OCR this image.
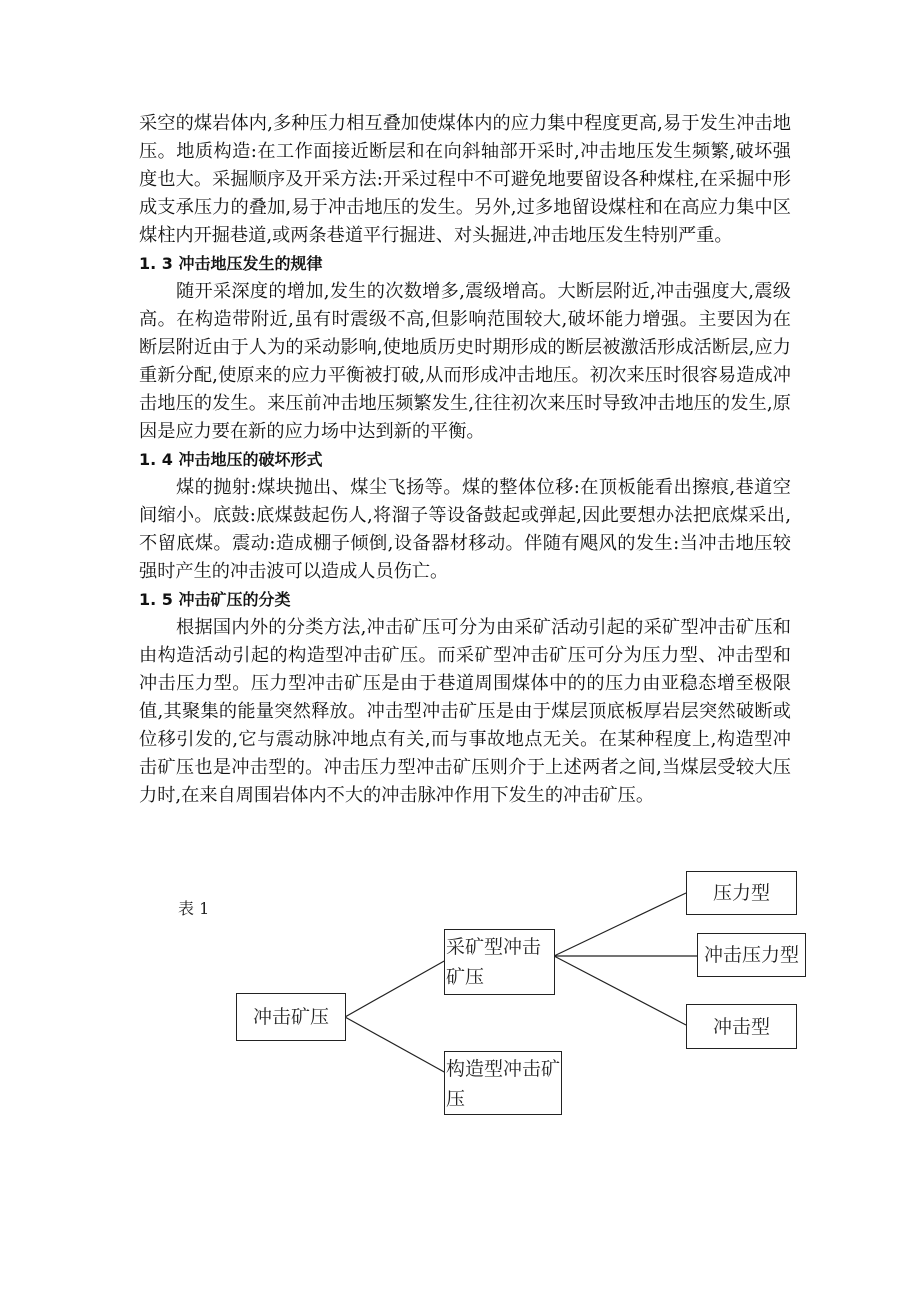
采空的煤岩体内,多种压力相互叠加使煤体内的应力集中程度更高,易于发生冲击地压。地质构造:在工作面接近断层和在向斜轴部开采时,冲击地压发生频繁,破坏强度也大。采掘顺序及开采方法:开采过程中不可避免地要留设各种煤柱,在采掘中形成支承压力的叠加,易于冲击地压的发生。另外,过多地留设煤柱和在高应力集中区煤柱内开掘巷道,或两条巷道平行掘进、对头掘进,冲击地压发生特别严重。

1. 3 冲击地压发生的规律

随开采深度的增加,发生的次数增多,震级增高。大断层附近,冲击强度大,震级高。在构造带附近,虽有时震级不高,但影响范围较大,破坏能力增强。主要因为在断层附近由于人为的采动影响,使地质历史时期形成的断层被激活形成活断层,应力重新分配,使原来的应力平衡被打破,从而形成冲击地压。初次来压时很容易造成冲击地压的发生。来压前冲击地压频繁发生,往往初次来压时导致冲击地压的发生,原因是应力要在新的应力场中达到新的平衡。

1. 4 冲击地压的破坏形式

煤的抛射:煤块抛出、煤尘飞扬等。煤的整体位移:在顶板能看出擦痕,巷道空间缩小。底鼓:底煤鼓起伤人,将溜子等设备鼓起或弹起,因此要想办法把底煤采出,不留底煤。震动:造成棚子倾倒,设备器材移动。伴随有飓风的发生:当冲击地压较强时产生的冲击波可以造成人员伤亡。

1. 5 冲击矿压的分类

根据国内外的分类方法,冲击矿压可分为由采矿活动引起的采矿型冲击矿压和由构造活动引起的构造型冲击矿压。而采矿型冲击矿压可分为压力型、冲击型和冲击压力型。压力型冲击矿压是由于巷道周围煤体中的的压力由亚稳态增至极限值,其聚集的能量突然释放。冲击型冲击矿压是由于煤层顶底板厚岩层突然破断或位移引发的,它与震动脉冲地点有关,而与事故地点无关。在某种程度上,构造型冲击矿压也是冲击型的。冲击压力型冲击矿压则介于上述两者之间,当煤层受较大压力时,在来自周围岩体内不大的冲击脉冲作用下发生的冲击矿压。

表 1
冲击矿压
采矿型冲击矿压
构造型冲击矿压
压力型
冲击压力型
冲击型
